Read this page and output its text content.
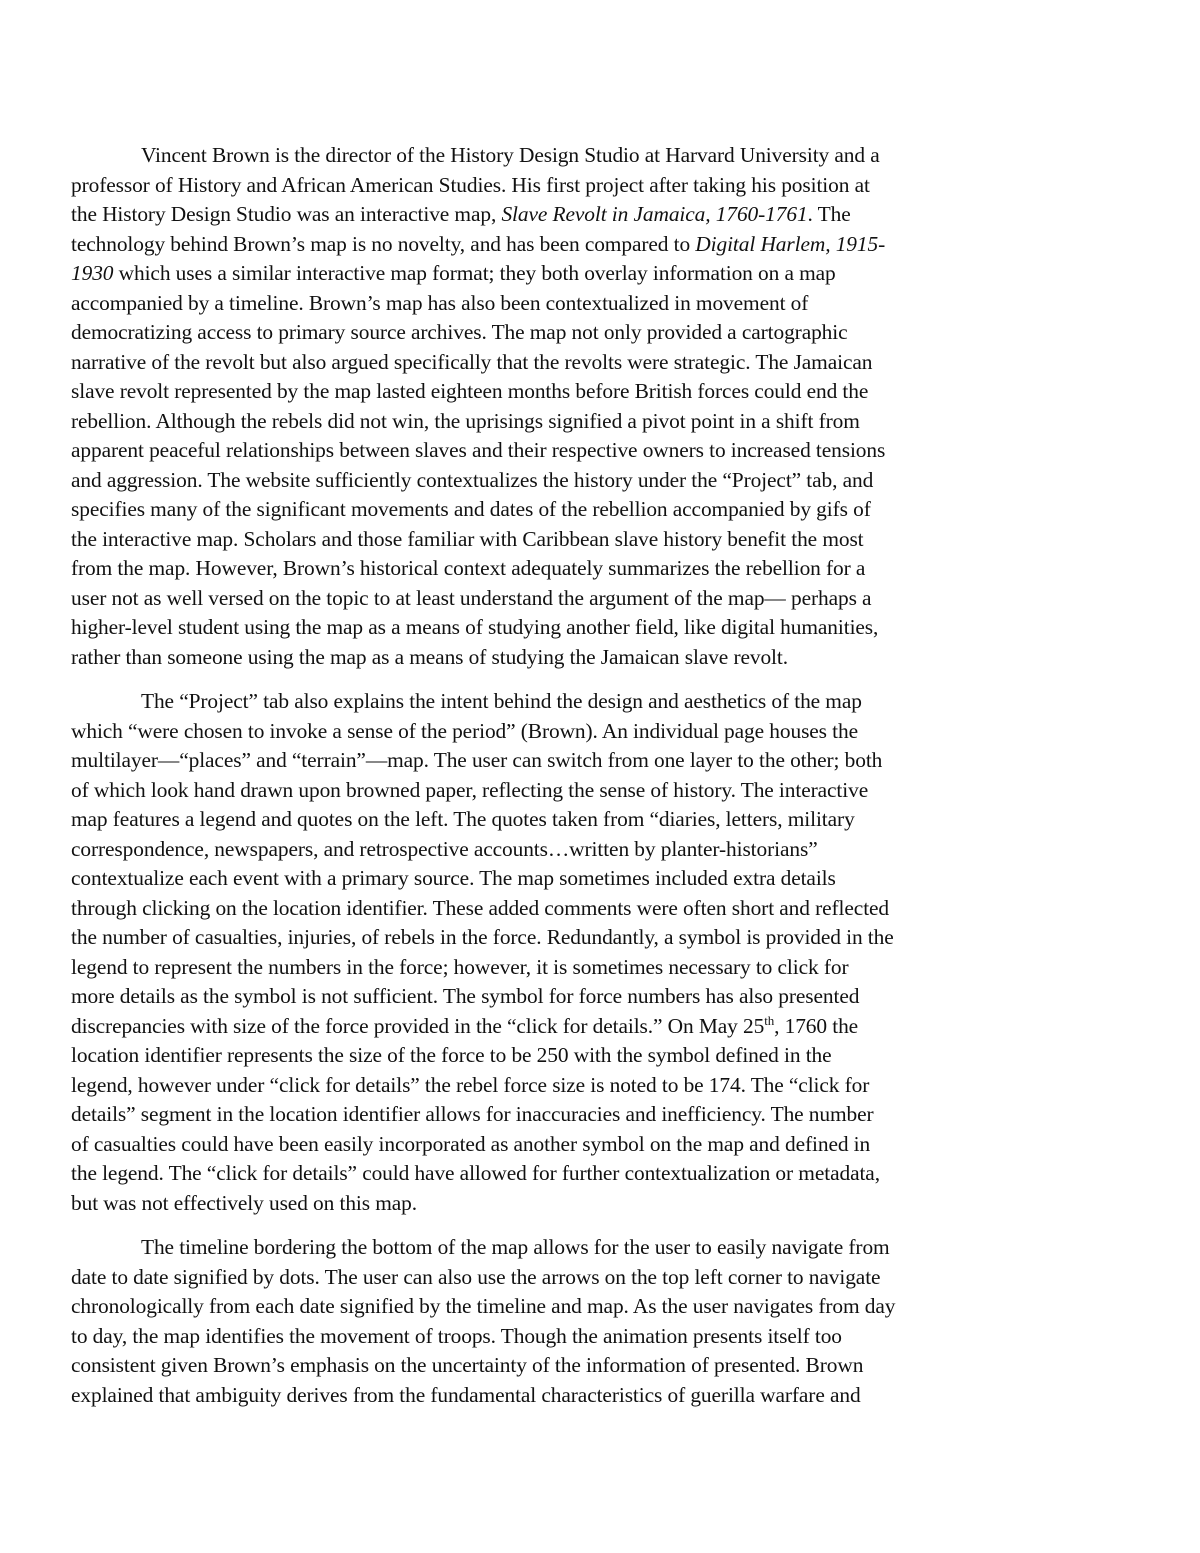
Vincent Brown is the director of the History Design Studio at Harvard University and a
professor of History and African American Studies. His first project after taking his position at
the History Design Studio was an interactive map, Slave Revolt in Jamaica, 1760-1761. The
technology behind Brown’s map is no novelty, and has been compared to Digital Harlem, 1915-
1930 which uses a similar interactive map format; they both overlay information on a map
accompanied by a timeline. Brown’s map has also been contextualized in movement of
democratizing access to primary source archives. The map not only provided a cartographic
narrative of the revolt but also argued specifically that the revolts were strategic. The Jamaican
slave revolt represented by the map lasted eighteen months before British forces could end the
rebellion. Although the rebels did not win, the uprisings signified a pivot point in a shift from
apparent peaceful relationships between slaves and their respective owners to increased tensions
and aggression. The website sufficiently contextualizes the history under the “Project” tab, and
specifies many of the significant movements and dates of the rebellion accompanied by gifs of
the interactive map. Scholars and those familiar with Caribbean slave history benefit the most
from the map. However, Brown’s historical context adequately summarizes the rebellion for a
user not as well versed on the topic to at least understand the argument of the map— perhaps a
higher-level student using the map as a means of studying another field, like digital humanities,
rather than someone using the map as a means of studying the Jamaican slave revolt.

The “Project” tab also explains the intent behind the design and aesthetics of the map
which “were chosen to invoke a sense of the period” (Brown). An individual page houses the
multilayer—“places” and “terrain”—map. The user can switch from one layer to the other; both
of which look hand drawn upon browned paper, reflecting the sense of history. The interactive
map features a legend and quotes on the left. The quotes taken from “diaries, letters, military
correspondence, newspapers, and retrospective accounts…written by planter-historians”
contextualize each event with a primary source. The map sometimes included extra details
through clicking on the location identifier. These added comments were often short and reflected
the number of casualties, injuries, of rebels in the force. Redundantly, a symbol is provided in the
legend to represent the numbers in the force; however, it is sometimes necessary to click for
more details as the symbol is not sufficient. The symbol for force numbers has also presented
discrepancies with size of the force provided in the “click for details.” On May 25th, 1760 the
location identifier represents the size of the force to be 250 with the symbol defined in the
legend, however under “click for details” the rebel force size is noted to be 174. The “click for
details” segment in the location identifier allows for inaccuracies and inefficiency. The number
of casualties could have been easily incorporated as another symbol on the map and defined in
the legend. The “click for details” could have allowed for further contextualization or metadata,
but was not effectively used on this map.

The timeline bordering the bottom of the map allows for the user to easily navigate from
date to date signified by dots. The user can also use the arrows on the top left corner to navigate
chronologically from each date signified by the timeline and map. As the user navigates from day
to day, the map identifies the movement of troops. Though the animation presents itself too
consistent given Brown’s emphasis on the uncertainty of the information of presented. Brown
explained that ambiguity derives from the fundamental characteristics of guerilla warfare and
